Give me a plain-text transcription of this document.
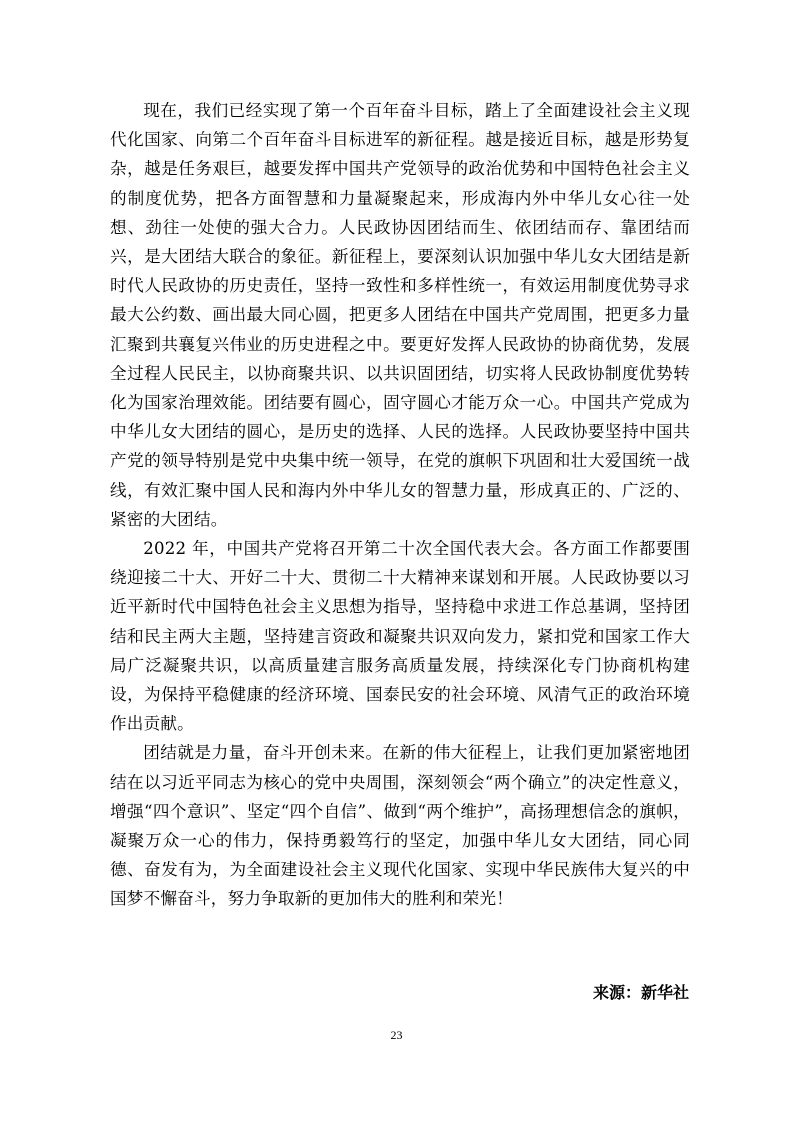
现在，我们已经实现了第一个百年奋斗目标，踏上了全面建设社会主义现代化国家、向第二个百年奋斗目标进军的新征程。越是接近目标，越是形势复杂，越是任务艰巨，越要发挥中国共产党领导的政治优势和中国特色社会主义的制度优势，把各方面智慧和力量凝聚起来，形成海内外中华儿女心往一处想、劲往一处使的强大合力。人民政协因团结而生、依团结而存、靠团结而兴，是大团结大联合的象征。新征程上，要深刻认识加强中华儿女大团结是新时代人民政协的历史责任，坚持一致性和多样性统一，有效运用制度优势寻求最大公约数、画出最大同心圆，把更多人团结在中国共产党周围，把更多力量汇聚到共襄复兴伟业的历史进程之中。要更好发挥人民政协的协商优势，发展全过程人民民主，以协商聚共识、以共识固团结，切实将人民政协制度优势转化为国家治理效能。团结要有圆心，固守圆心才能万众一心。中国共产党成为中华儿女大团结的圆心，是历史的选择、人民的选择。人民政协要坚持中国共产党的领导特别是党中央集中统一领导，在党的旗帜下巩固和壮大爱国统一战线，有效汇聚中国人民和海内外中华儿女的智慧力量，形成真正的、广泛的、紧密的大团结。

2022 年，中国共产党将召开第二十次全国代表大会。各方面工作都要围绕迎接二十大、开好二十大、贯彻二十大精神来谋划和开展。人民政协要以习近平新时代中国特色社会主义思想为指导，坚持稳中求进工作总基调，坚持团结和民主两大主题，坚持建言资政和凝聚共识双向发力，紧扣党和国家工作大局广泛凝聚共识，以高质量建言服务高质量发展，持续深化专门协商机构建设，为保持平稳健康的经济环境、国泰民安的社会环境、风清气正的政治环境作出贡献。

团结就是力量，奋斗开创未来。在新的伟大征程上，让我们更加紧密地团结在以习近平同志为核心的党中央周围，深刻领会“两个确立”的决定性意义，增强“四个意识”、坚定“四个自信”、做到“两个维护”，高扬理想信念的旗帜，凝聚万众一心的伟力，保持勇毅笃行的坚定，加强中华儿女大团结，同心同德、奋发有为，为全面建设社会主义现代化国家、实现中华民族伟大复兴的中国梦不懈奋斗，努力争取新的更加伟大的胜利和荣光！

来源：新华社
23
